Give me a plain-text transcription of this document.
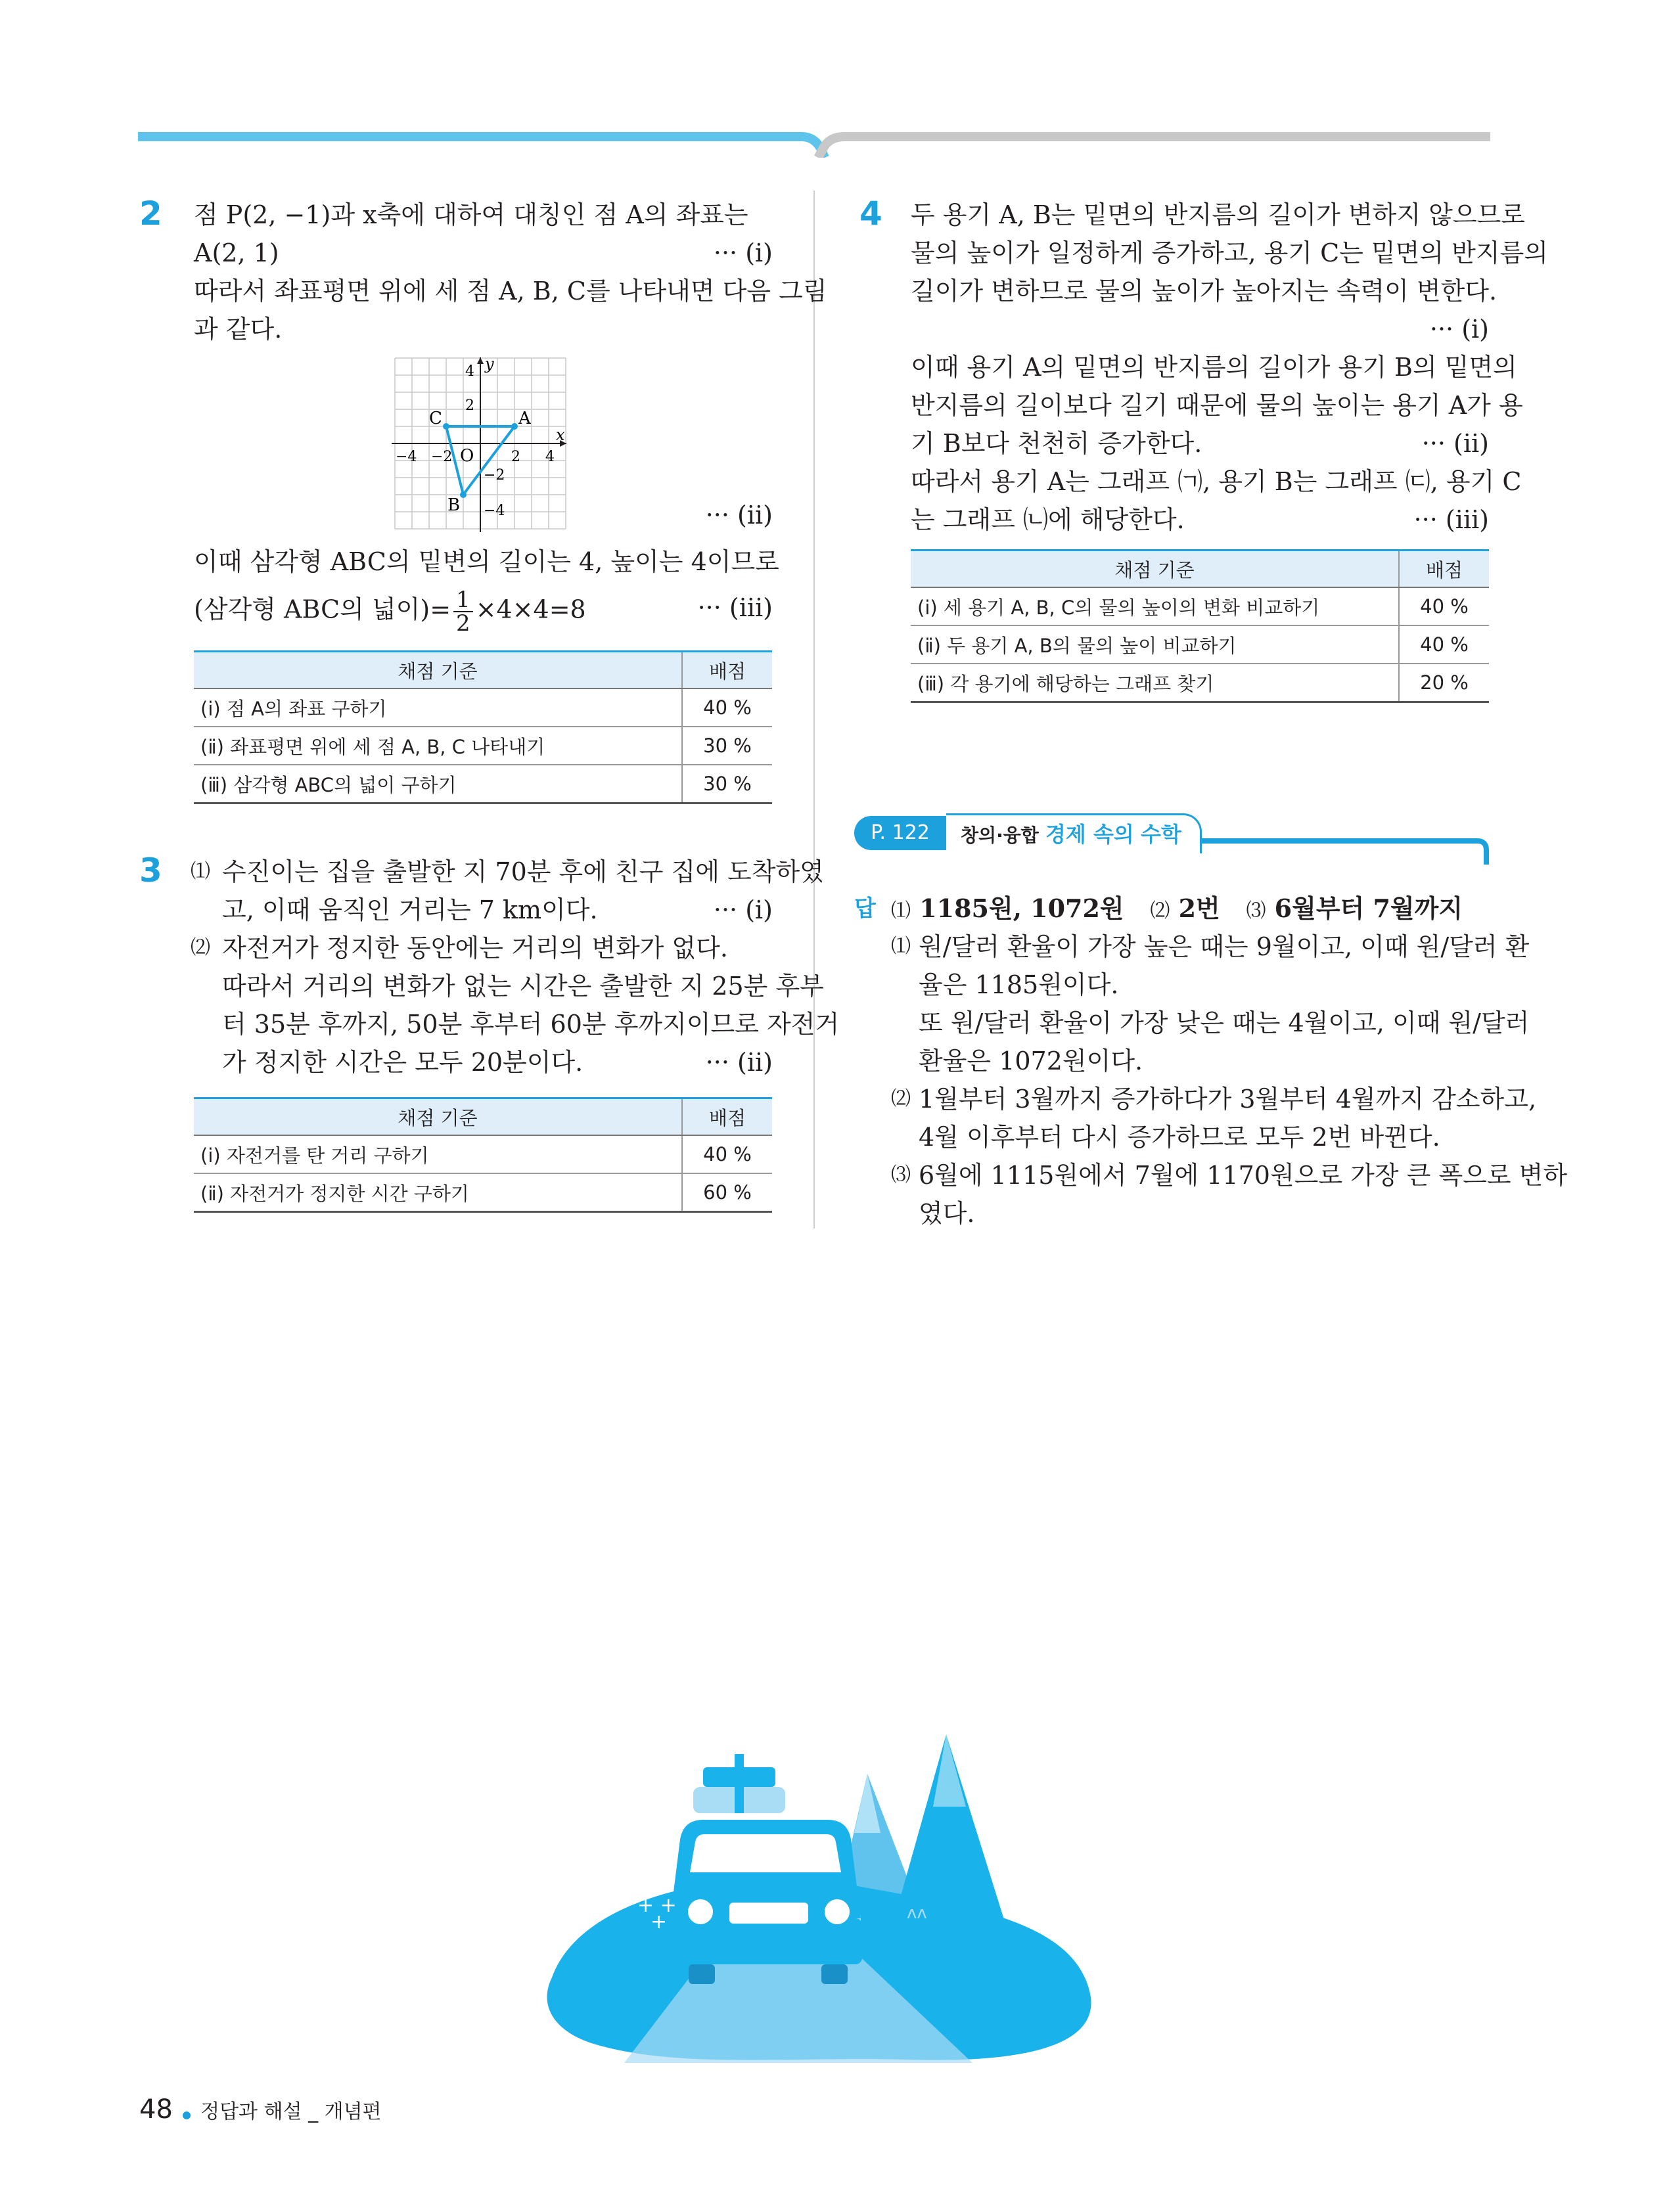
2 점 P(2, −1)과 x축에 대하여 대칭인 점 A의 좌표는
A(2, 1)	··· (ⅰ)
따라서 좌표평면 위에 세 점 A, B, C를 나타내면 다음 그림
과 같다.
x
y
O
−4 −2	2 4
4
2
−2
−4
A
B
C
··· (ⅱ)
이때 삼각형 ABC의 밑변의 길이는 4, 높이는 4이므로
(삼각형 ABC의 넓이)= $\frac{1}{2} \times 4\times 4=8$	··· (ⅲ)
채점 기준	배점
(ⅰ) 점 A의 좌표 구하기	40 %
(ⅱ) 좌표평면 위에 세 점 A, B, C 나타내기	30 %
(ⅲ) 삼각형 ABC의 넓이 구하기	30 %
3 ⑴ 수진이는 집을 출발한 지 70분 후에 친구 집에 도착하였
고, 이때 움직인 거리는 7 km이다.	··· (ⅰ)
⑵ 자전거가 정지한 동안에는 거리의 변화가 없다.
따라서 거리의 변화가 없는 시간은 출발한 지 25분 후부
터 35분 후까지, 50분 후부터 60분 후까지이므로 자전거
가 정지한 시간은 모두 20분이다.	··· (ⅱ)
채점 기준	배점
(ⅰ) 자전거를 탄 거리 구하기	40 %
(ⅱ) 자전거가 정지한 시간 구하기	60 %
4 두 용기 A, B는 밑면의 반지름의 길이가 변하지 않으므로
물의 높이가 일정하게 증가하고, 용기 C는 밑면의 반지름의
길이가 변하므로 물의 높이가 높아지는 속력이 변한다.
··· (ⅰ)
이때 용기 A의 밑면의 반지름의 길이가 용기 B의 밑면의
반지름의 길이보다 길기 때문에 물의 높이는 용기 A가 용
기 B보다 천천히 증가한다.	··· (ⅱ)
따라서 용기 A는 그래프 ㈀, 용기 B는 그래프 ㈂, 용기 C
는 그래프 ㈁에 해당한다.	··· (ⅲ)
채점 기준	배점
(ⅰ) 세 용기 A, B, C의 물의 높이의 변화 비교하기	40 %
(ⅱ) 두 용기 A, B의 물의 높이 비교하기	40 %
(ⅲ) 각 용기에 해당하는 그래프 찾기	20 %
P. 122	창의·융합 경제 속의 수학
답 ⑴ 1185원, 1072원 ⑵ 2번 ⑶ 6월부터 7월까지
⑴ 원/달러 환율이 가장 높은 때는 9월이고, 이때 원/달러 환
율은 1185원이다.
또 원/달러 환율이 가장 낮은 때는 4월이고, 이때 원/달러
환율은 1072원이다.
⑵ 1월부터 3월까지 증가하다가 3월부터 4월까지 감소하고,
4월 이후부터 다시 증가하므로 모두 2번 바뀐다.
⑶ 6월에 1115원에서 7월에 1170원으로 가장 큰 폭으로 변하
였다.
+ +
+	ᴧᴧ
48 정답과 해설 _ 개념편
